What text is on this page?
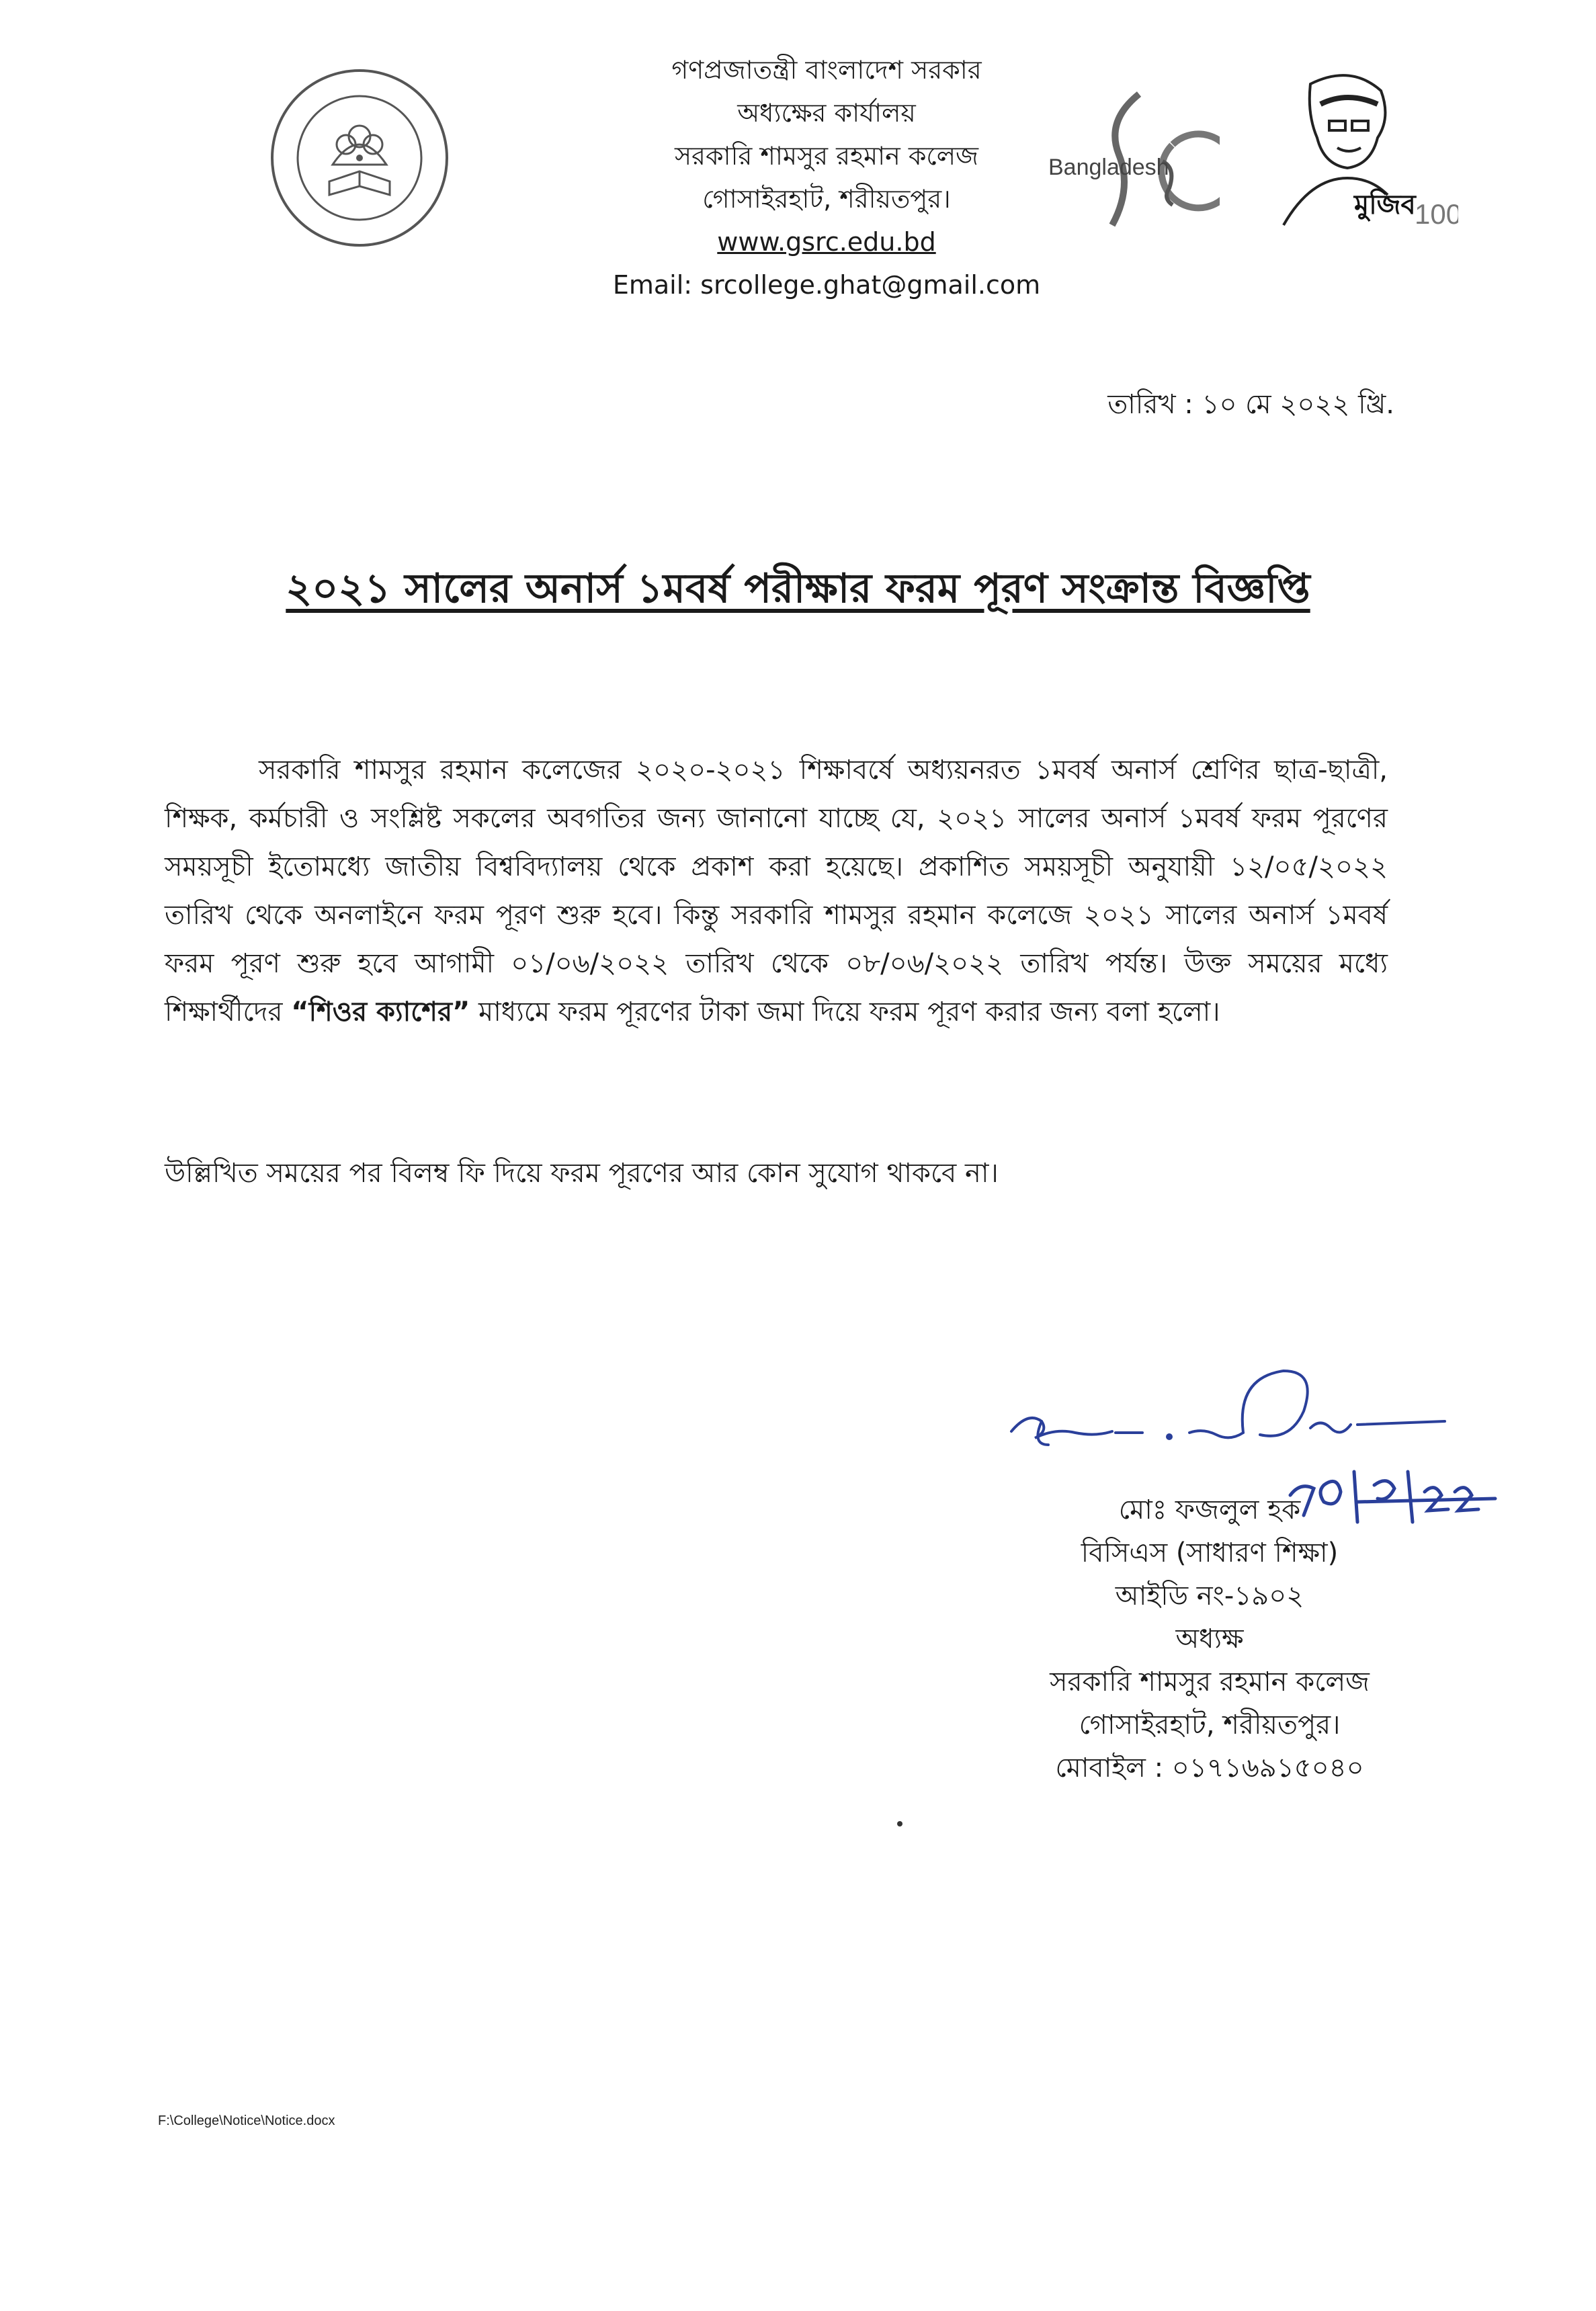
গণপ্রজাতন্ত্রী বাংলাদেশ সরকার
অধ্যক্ষের কার্যালয়
সরকারি শামসুর রহমান কলেজ
গোসাইরহাট, শরীয়তপুর।
www.gsrc.edu.bd
Email: srcollege.ghat@gmail.com
Bangladesh
100
মুজিব
তারিখ : ১০ মে ২০২২ খ্রি.
২০২১ সালের অনার্স ১মবর্ষ পরীক্ষার ফরম পূরণ সংক্রান্ত বিজ্ঞপ্তি
সরকারি শামসুর রহমান কলেজের ২০২০-২০২১ শিক্ষাবর্ষে অধ্যয়নরত ১মবর্ষ অনার্স শ্রেণির ছাত্র-ছাত্রী, শিক্ষক, কর্মচারী ও সংশ্লিষ্ট সকলের অবগতির জন্য জানানো যাচ্ছে যে, ২০২১ সালের অনার্স ১মবর্ষ ফরম পূরণের সময়সূচী ইতোমধ্যে জাতীয় বিশ্ববিদ্যালয় থেকে প্রকাশ করা হয়েছে। প্রকাশিত সময়সূচী অনুযায়ী ১২/০৫/২০২২ তারিখ থেকে অনলাইনে ফরম পূরণ শুরু হবে। কিন্তু সরকারি শামসুর রহমান কলেজে ২০২১ সালের অনার্স ১মবর্ষ ফরম পূরণ শুরু হবে আগামী ০১/০৬/২০২২ তারিখ থেকে ০৮/০৬/২০২২ তারিখ পর্যন্ত। উক্ত সময়ের মধ্যে শিক্ষার্থীদের “শিওর ক্যাশের” মাধ্যমে ফরম পূরণের টাকা জমা দিয়ে ফরম পূরণ করার জন্য বলা হলো।
উল্লিখিত সময়ের পর বিলম্ব ফি দিয়ে ফরম পূরণের আর কোন সুযোগ থাকবে না।
মোঃ ফজলুল হক
বিসিএস (সাধারণ শিক্ষা)
আইডি নং-১৯০২
অধ্যক্ষ
সরকারি শামসুর রহমান কলেজ
গোসাইরহাট, শরীয়তপুর।
মোবাইল : ০১৭১৬৯১৫০৪০
F:\College\Notice\Notice.docx
